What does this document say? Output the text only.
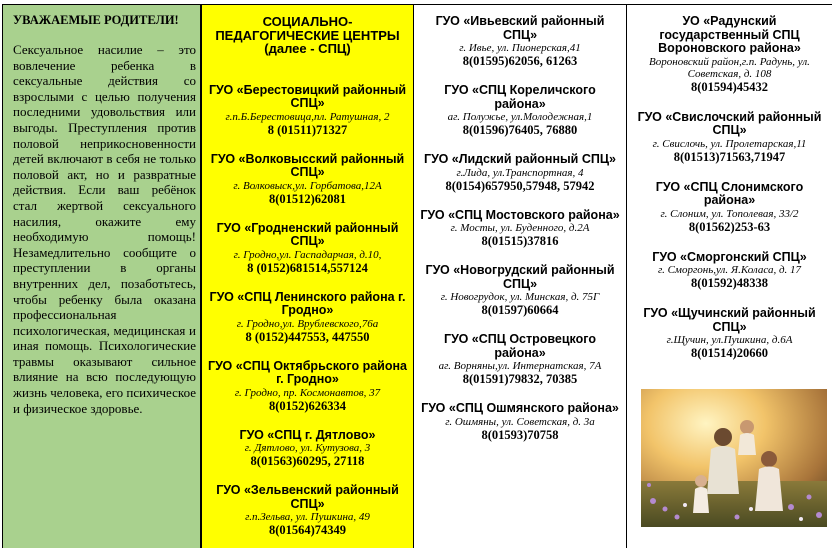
УВАЖАЕМЫЕ РОДИТЕЛИ!

Сексуальное насилие – это вовлечение ребенка в сексуальные действия со взрослыми с целью получения последними удовольствия или выгоды. Преступления против половой неприкосновенности детей включают в себя не только половой акт, но и развратные действия. Если ваш ребёнок стал жертвой сексуального насилия, окажите ему необходимую помощь! Незамедлительно сообщите о преступлении в органы внутренних дел, позаботьтесь, чтобы ребенку была оказана профессиональная психологическая, медицинская и иная помощь. Психологические травмы оказывают сильное влияние на всю последующую жизнь человека, его психическое и физическое здоровье.

СОЦИАЛЬНО-ПЕДАГОГИЧЕСКИЕ ЦЕНТРЫ (далее - СПЦ)

ГУО «Берестовицкий районный СПЦ»
г.п.Б.Берестовица,пл. Ратушная, 2
8 (01511)71327
ГУО «Волковысский районный СПЦ»
г. Волковыск,ул. Горбатова,12А
8(01512)62081
ГУО «Гродненский районный СПЦ»
г. Гродно,ул. Гаспадарчая, д.10,
8 (0152)681514,557124
ГУО «СПЦ Ленинского района г. Гродно»
г. Гродно,ул. Врублевского,76а
8 (0152)447553, 447550
ГУО «СПЦ Октябрьского района г. Гродно»
г. Гродно, пр. Космонавтов, 37
8(0152)626334
ГУО «СПЦ г. Дятлово»
г. Дятлово, ул. Кутузова, 3
8(01563)60295, 27118
ГУО «Зельвенский районный СПЦ»
г.п.Зельва, ул. Пушкина, 49
8(01564)74349
ГУО «Ивьевский районный СПЦ»
г. Ивье, ул. Пионерская,41
8(01595)62056, 61263
ГУО «СПЦ Кореличского района»
аг. Полужье, ул.Молодежная,1
8(01596)76405, 76880
ГУО «Лидский районный СПЦ»
г.Лида, ул.Транспортная, 4
8(0154)657950,57948, 57942
ГУО «СПЦ Мостовского района»
г. Мосты, ул. Буденного, д.2А
8(01515)37816
ГУО «Новогрудский районный СПЦ»
г. Новогрудок, ул. Минская, д. 75Г
8(01597)60664
ГУО «СПЦ Островецкого района»
аг. Ворняны,ул. Интернатская, 7А
8(01591)79832, 70385
ГУО «СПЦ Ошмянского района»
г. Ошмяны, ул. Советская, д. 3а
8(01593)70758
УО «Радунский государственный СПЦ Вороновского района»
Вороновский район,г.п. Радунь, ул. Советская, д. 108
8(01594)45432
ГУО «Свислочский районный СПЦ»
г. Свислочь, ул. Пролетарская,11
8(01513)71563,71947
ГУО «СПЦ Слонимского района»
г. Слоним, ул. Тополевая, 33/2
8(01562)253-63
ГУО «Сморгонский СПЦ»
г. Сморгонь,ул. Я.Коласа, д. 17
8(01592)48338
ГУО «Щучинский районный СПЦ»
г.Щучин, ул.Пушкина, д.6А
8(01514)20660
